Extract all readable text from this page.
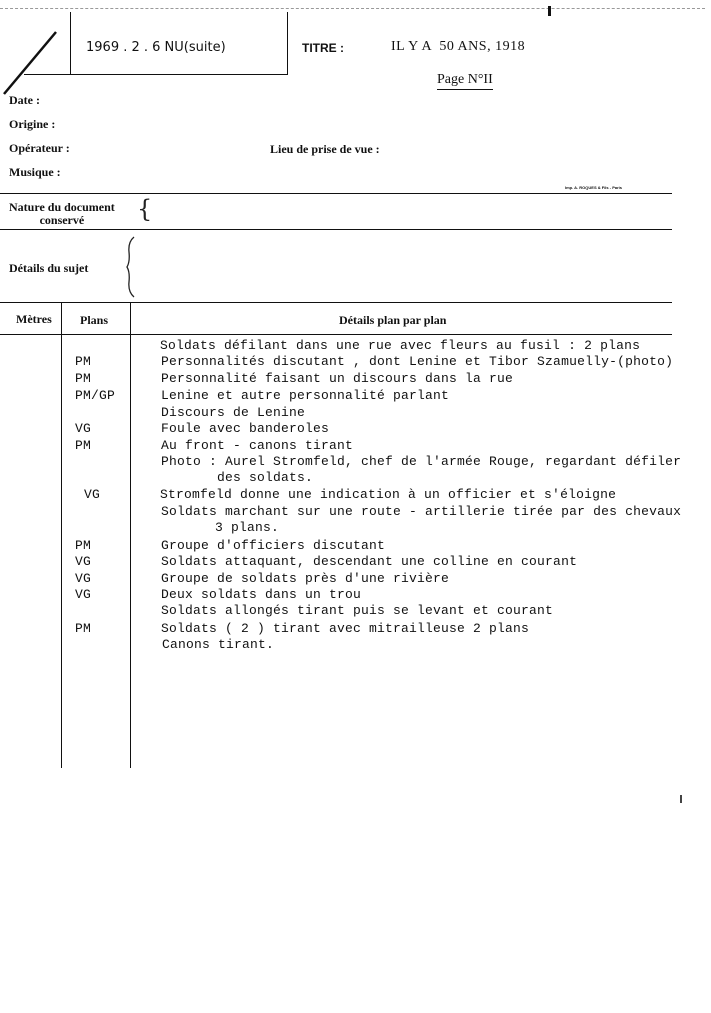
1969 . 2 . 6 NU(suite)	TITRE :	IL Y A  50 ANS, 1918
Page N°II
Date :
Origine :
Opérateur :	Lieu de prise de vue :
Musique :
Imp. A. ROQUES & Fils - Paris
Nature du document
conservé	{
Détails du sujet
Mètres Plans	Détails plan par plan
Soldats défilant dans une rue avec fleurs au fusil : 2 plans
PM	Personnalités discutant , dont Lenine et Tibor Szamuelly-(photo)
PM	Personnalité faisant un discours dans la rue
PM/GP	Lenine et autre personnalité parlant
Discours de Lenine
VG	Foule avec banderoles
PM	Au front - canons tirant
Photo : Aurel Stromfeld, chef de l'armée Rouge, regardant défiler
des soldats.
VG	Stromfeld donne une indication à un officier et s'éloigne
Soldats marchant sur une route - artillerie tirée par des chevaux
3 plans.
PM	Groupe d'officiers discutant
VG	Soldats attaquant, descendant une colline en courant
VG	Groupe de soldats près d'une rivière
VG	Deux soldats dans un trou
Soldats allongés tirant puis se levant et courant
PM	Soldats ( 2 ) tirant avec mitrailleuse 2 plans
Canons tirant.
